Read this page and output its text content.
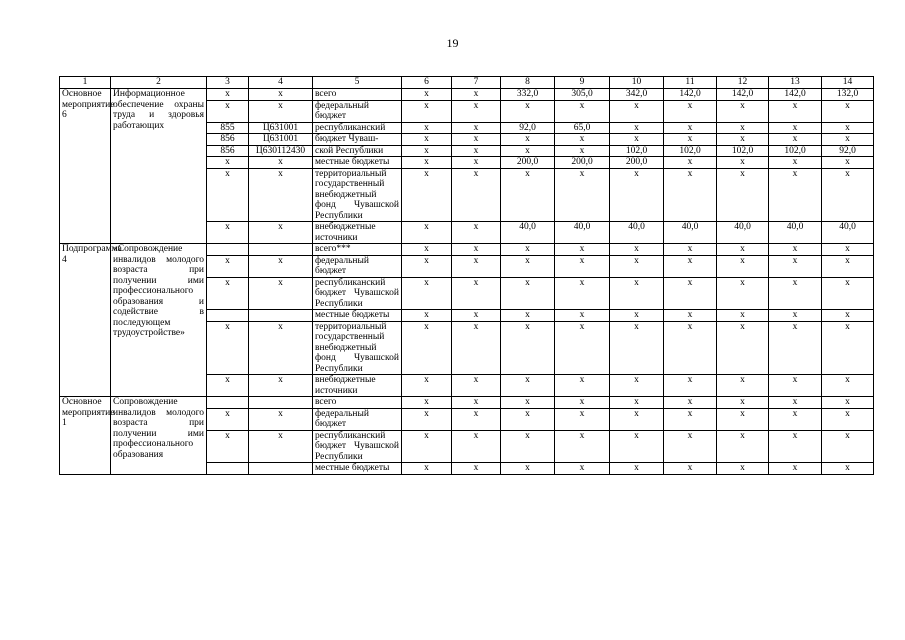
19
1	2	3	4	5	6	7	8	9	10	11	12	13	14
Основное мероприятие 6	Информационное обеспечение охраны труда и здоровья работающих	x	x	всего	x	x	332,0	305,0	342,0	142,0	142,0	142,0	132,0
		x	x	федеральный бюджет	x	x	x	x	x	x	x	x	x
		855	Ц631001	республиканский	x	x	92,0	65,0	x	x	x	x	x
		856	Ц631001	бюджет Чуваш-	x	x	x	x	x	x	x	x	x
		856	Ц630112430	ской Республики	x	x	x	x	102,0	102,0	102,0	102,0	92,0
		x	x	местные бюджеты	x	x	200,0	200,0	200,0	x	x	x	x
		x	x	территориальный государственный внебюджетный фонд Чувашской Республики	x	x	x	x	x	x	x	x	x
		x	x	внебюджетные источники	x	x	40,0	40,0	40,0	40,0	40,0	40,0	40,0
Подпрограмма 4	«Сопровождение инвалидов молодого возраста при получении ими профессионального образования и содействие в последующем трудоустройстве»			всего***	x	x	x	x	x	x	x	x	x
		x	x	федеральный бюджет	x	x	x	x	x	x	x	x	x
		x	x	республиканский бюджет Чувашской Республики	x	x	x	x	x	x	x	x	x
				местные бюджеты	x	x	x	x	x	x	x	x	x
		x	x	территориальный государственный внебюджетный фонд Чувашской Республики	x	x	x	x	x	x	x	x	x
		x	x	внебюджетные источники	x	x	x	x	x	x	x	x	x
Основное мероприятие 1	Сопровождение инвалидов молодого возраста при получении ими профессионального образования			всего	x	x	x	x	x	x	x	x	x
		x	x	федеральный бюджет	x	x	x	x	x	x	x	x	x
		x	x	республиканский бюджет Чувашской Республики	x	x	x	x	x	x	x	x	x
				местные бюджеты	x	x	x	x	x	x	x	x	x
